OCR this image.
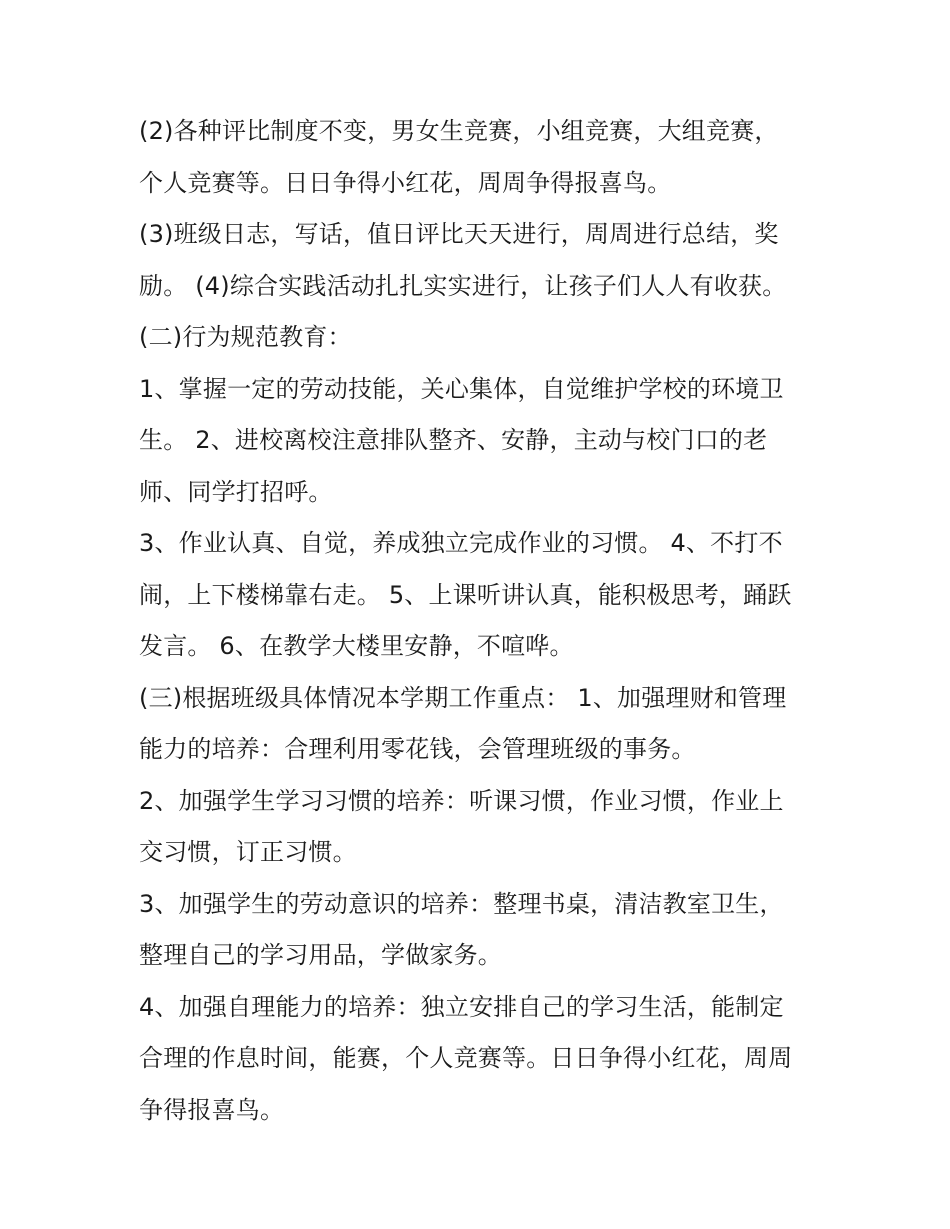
(2)各种评比制度不变，男女生竞赛，小组竞赛，大组竞赛，
个人竞赛等。日日争得小红花，周周争得报喜鸟。
(3)班级日志，写话，值日评比天天进行，周周进行总结，奖
励。 (4)综合实践活动扎扎实实进行，让孩子们人人有收获。
(二)行为规范教育：
1、掌握一定的劳动技能，关心集体，自觉维护学校的环境卫
生。 2、进校离校注意排队整齐、安静，主动与校门口的老
师、同学打招呼。
3、作业认真、自觉，养成独立完成作业的习惯。 4、不打不
闹，上下楼梯靠右走。 5、上课听讲认真，能积极思考，踊跃
发言。 6、在教学大楼里安静，不喧哗。
(三)根据班级具体情况本学期工作重点： 1、加强理财和管理
能力的培养：合理利用零花钱，会管理班级的事务。
2、加强学生学习习惯的培养：听课习惯，作业习惯，作业上
交习惯，订正习惯。
3、加强学生的劳动意识的培养：整理书桌，清洁教室卫生，
整理自己的学习用品，学做家务。
4、加强自理能力的培养：独立安排自己的学习生活，能制定
合理的作息时间，能赛，个人竞赛等。日日争得小红花，周周
争得报喜鸟。
